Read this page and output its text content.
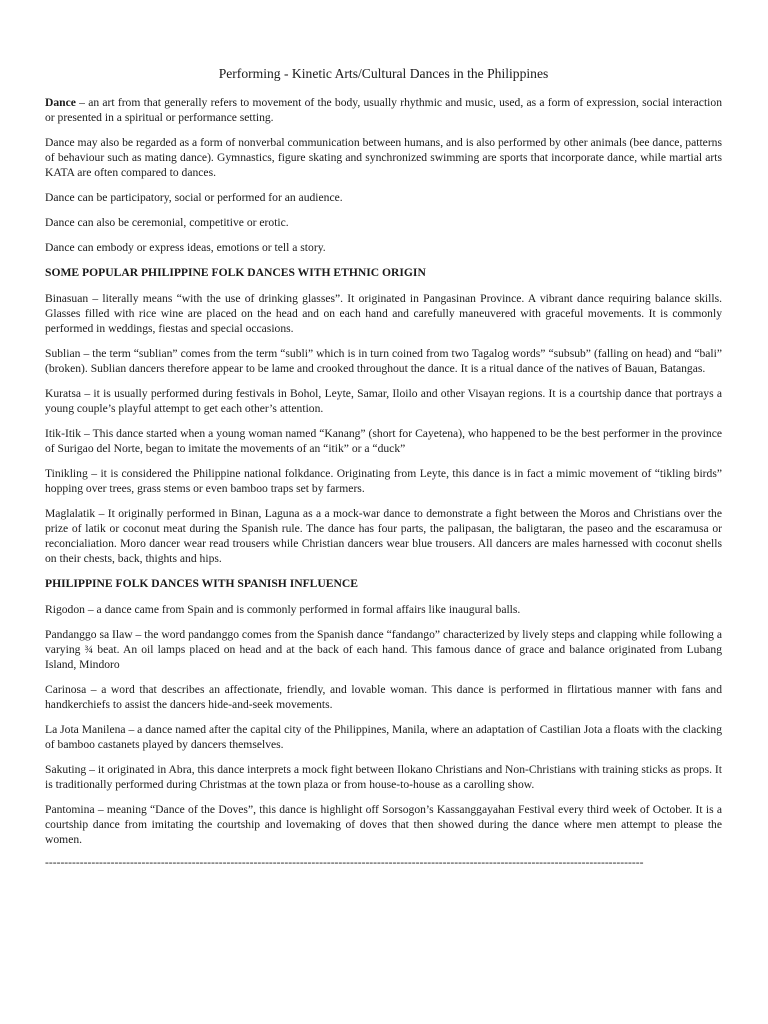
Performing - Kinetic Arts/Cultural Dances in the Philippines

Dance – an art from that generally refers to movement of the body, usually rhythmic and music, used, as a form of expression, social interaction or presented in a spiritual or performance setting.

Dance may also be regarded as a form of nonverbal communication between humans, and is also performed by other animals (bee dance, patterns of behaviour such as mating dance). Gymnastics, figure skating and synchronized swimming are sports that incorporate dance, while martial arts KATA are often compared to dances.

Dance can be participatory, social or performed for an audience.

Dance can also be ceremonial, competitive or erotic.

Dance can embody or express ideas, emotions or tell a story.

SOME POPULAR PHILIPPINE FOLK DANCES WITH ETHNIC ORIGIN

Binasuan – literally means “with the use of drinking glasses”. It originated in Pangasinan Province. A vibrant dance requiring balance skills. Glasses filled with rice wine are placed on the head and on each hand and carefully maneuvered with graceful movements. It is commonly performed in weddings, fiestas and special occasions.

Sublian – the term “sublian” comes from the term “subli” which is in turn coined from two Tagalog words” “subsub” (falling on head) and “bali” (broken). Sublian dancers therefore appear to be lame and crooked throughout the dance. It is a ritual dance of the natives of Bauan, Batangas.

Kuratsa – it is usually performed during festivals in Bohol, Leyte, Samar, Iloilo and other Visayan regions. It is a courtship dance that portrays a young couple’s playful attempt to get each other’s attention.

Itik-Itik – This dance started when a young woman named “Kanang” (short for Cayetena), who happened to be the best performer in the province of Surigao del Norte, began to imitate the movements of an “itik” or a “duck”

Tinikling – it is considered the Philippine national folkdance. Originating from Leyte, this dance is in fact a mimic movement of “tikling birds” hopping over trees, grass stems or even bamboo traps set by farmers.

Maglalatik – It originally performed in Binan, Laguna as a a mock-war dance to demonstrate a fight between the Moros and Christians over the prize of latik or coconut meat during the Spanish rule. The dance has four parts, the palipasan, the baligtaran, the paseo and the escaramusa or reconcialiation. Moro dancer wear read trousers while Christian dancers wear blue trousers. All dancers are males harnessed with coconut shells on their chests, back, thights and hips.

PHILIPPINE FOLK DANCES WITH SPANISH INFLUENCE

Rigodon – a dance came from Spain and is commonly performed in formal affairs like inaugural balls.

Pandanggo sa Ilaw – the word pandanggo comes from the Spanish dance “fandango” characterized by lively steps and clapping while following a varying ¾ beat. An oil lamps placed on head and at the back of each hand. This famous dance of grace and balance originated from Lubang Island, Mindoro

Carinosa – a word that describes an affectionate, friendly, and lovable woman. This dance is performed in flirtatious manner with fans and handkerchiefs to assist the dancers hide-and-seek movements.

La Jota Manilena – a dance named after the capital city of the Philippines, Manila, where an adaptation of Castilian Jota a floats with the clacking of bamboo castanets played by dancers themselves.

Sakuting – it originated in Abra, this dance interprets a mock fight between Ilokano Christians and Non-Christians with training sticks as props. It is traditionally performed during Christmas at the town plaza or from house-to-house as a carolling show.

Pantomina – meaning “Dance of the Doves”, this dance is highlight off Sorsogon’s Kassanggayahan Festival every third week of October. It is a courtship dance from imitating the courtship and lovemaking of doves that then showed during the dance where men attempt to please the women.

-----------------------------------------------------------------------------------------------------------------------------------------------------------
